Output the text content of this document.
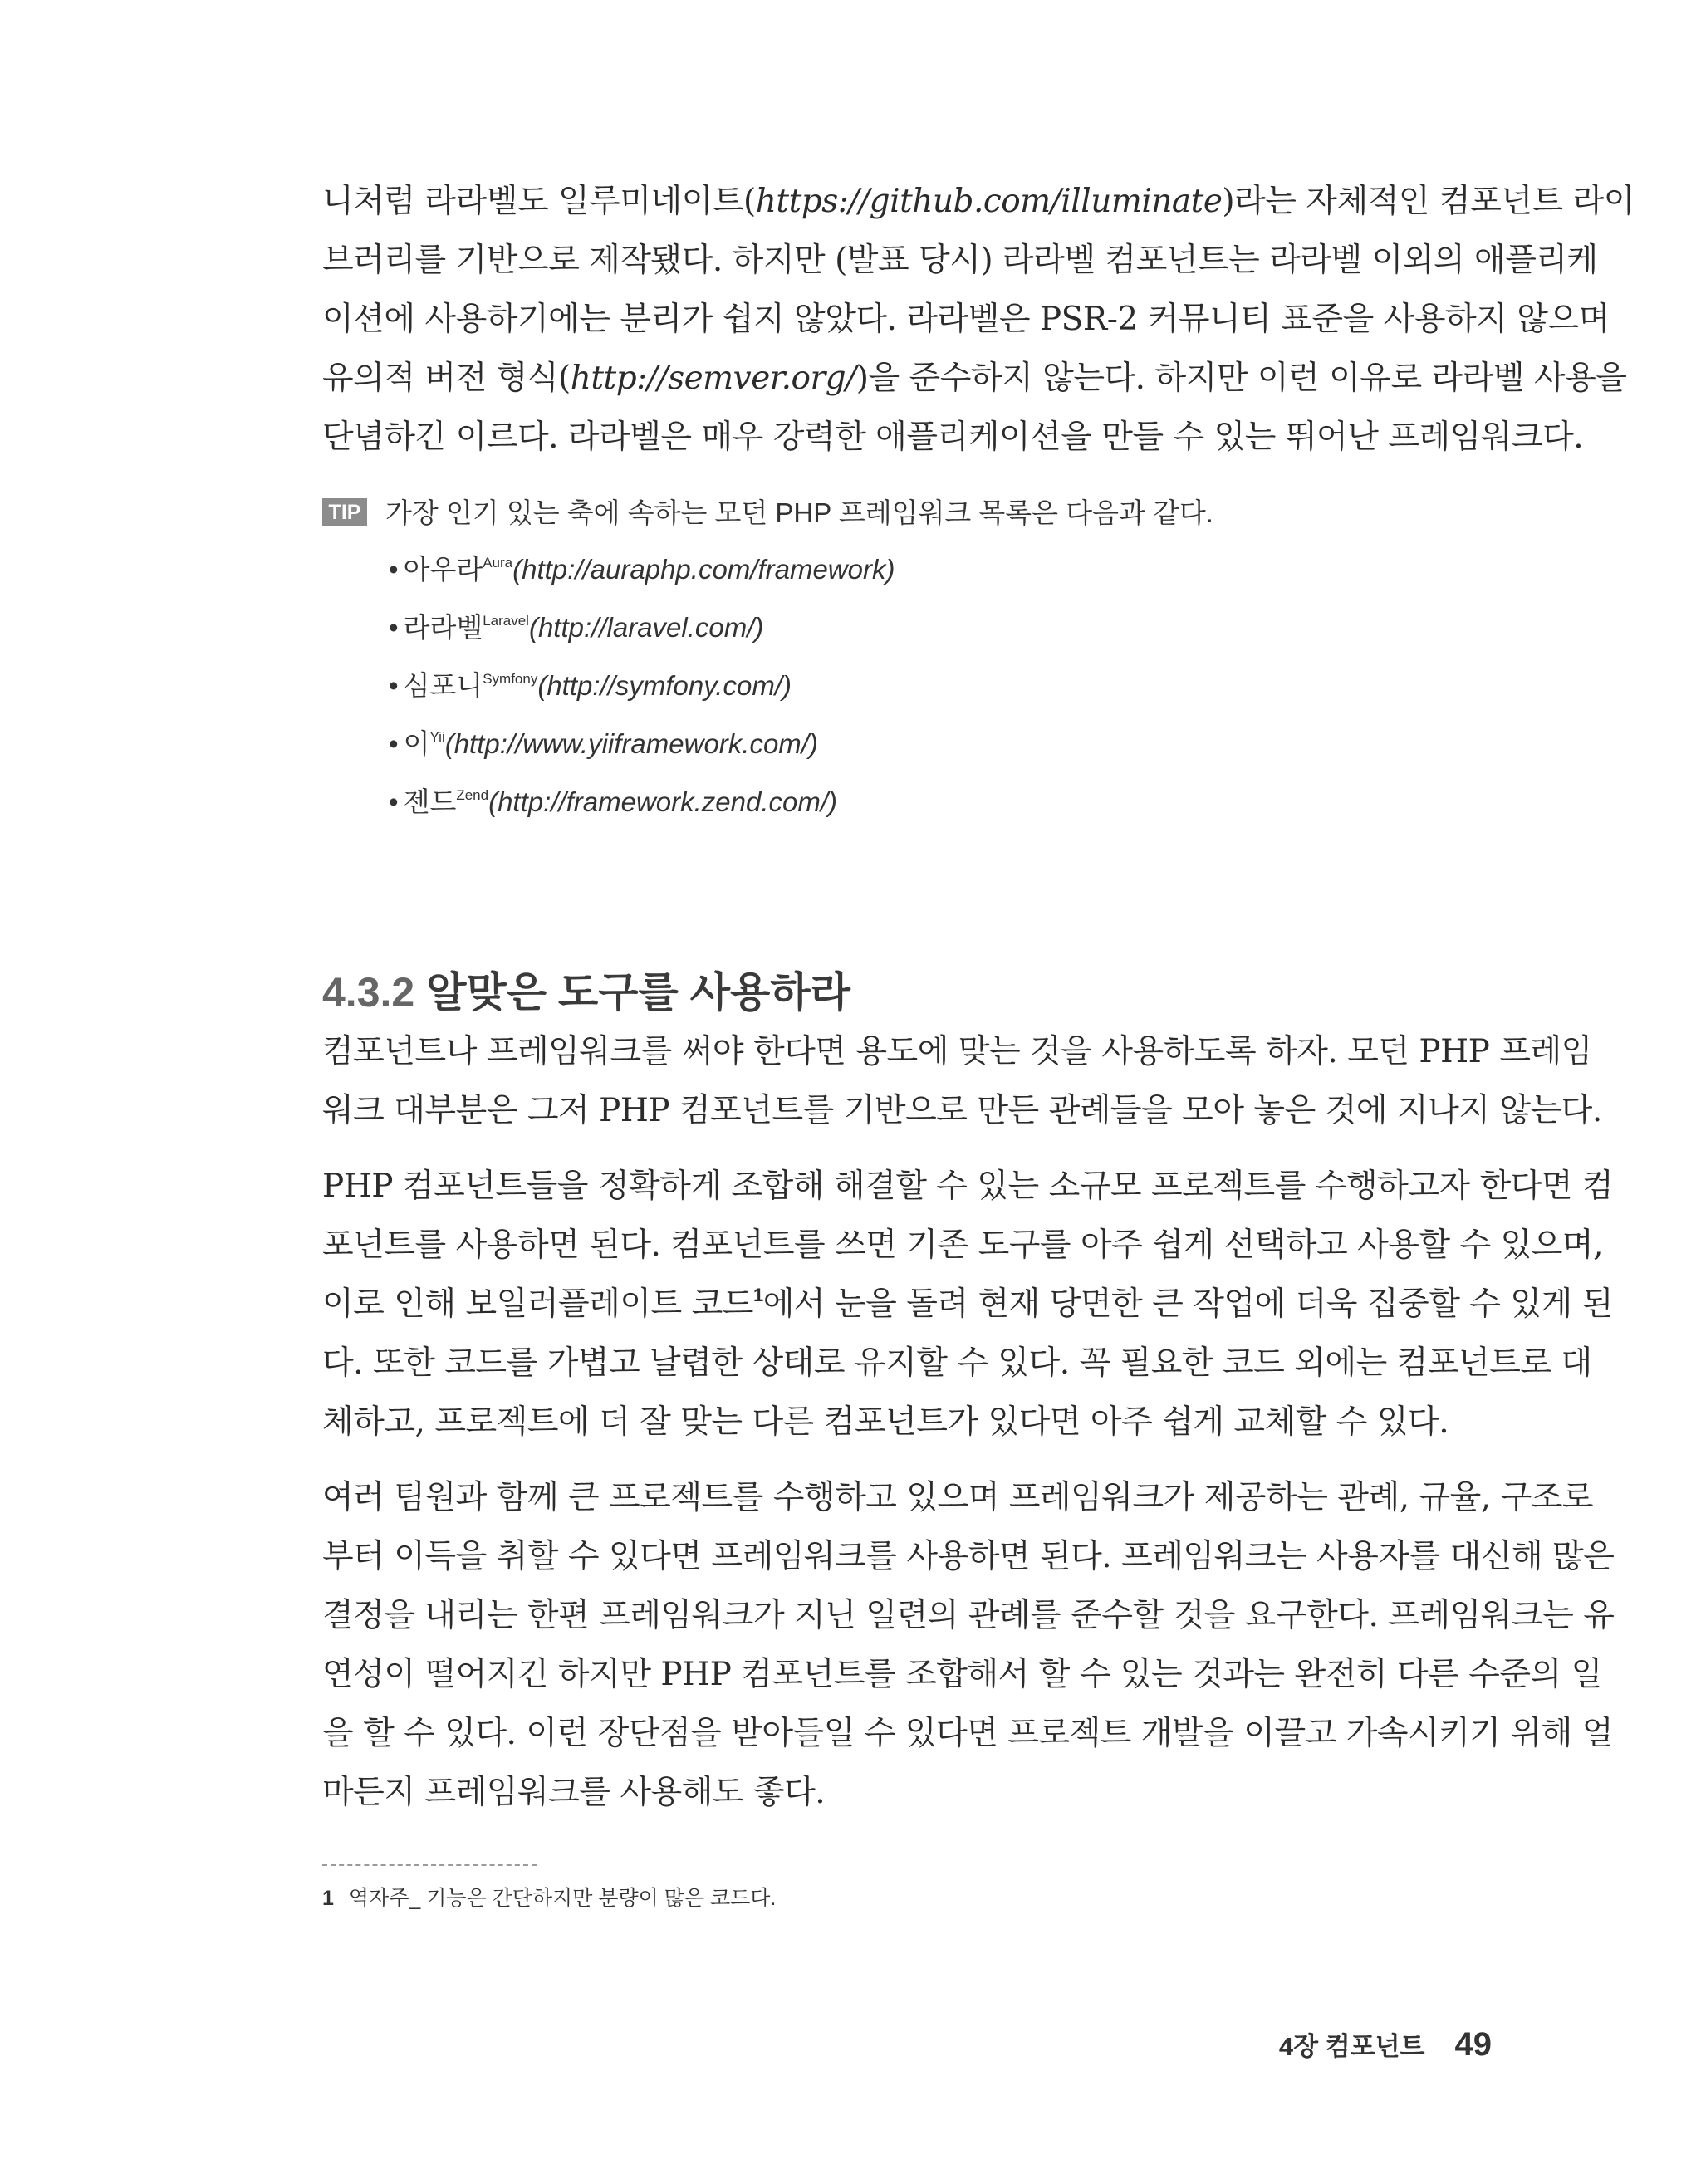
니처럼 라라벨도 일루미네이트(https://github.com/illuminate)라는 자체적인 컴포넌트 라이
브러리를 기반으로 제작됐다. 하지만 (발표 당시) 라라벨 컴포넌트는 라라벨 이외의 애플리케
이션에 사용하기에는 분리가 쉽지 않았다. 라라벨은 PSR-2 커뮤니티 표준을 사용하지 않으며
유의적 버전 형식(http://semver.org/)을 준수하지 않는다. 하지만 이런 이유로 라라벨 사용을
단념하긴 이르다. 라라벨은 매우 강력한 애플리케이션을 만들 수 있는 뛰어난 프레임워크다.
TIP 가장 인기 있는 축에 속하는 모던 PHP 프레임워크 목록은 다음과 같다.
• 아우라$^{Aura}$(http://auraphp.com/framework)
• 라라벨$^{Laravel}$(http://laravel.com/)
• 심포니$^{Symfony}$(http://symfony.com/)
• 이$^{Yii}$(http://www.yiiframework.com/)
• 젠드$^{Zend}$(http://framework.zend.com/)
4.3.2 알맞은 도구를 사용하라
컴포넌트나 프레임워크를 써야 한다면 용도에 맞는 것을 사용하도록 하자. 모던 PHP 프레임
워크 대부분은 그저 PHP 컴포넌트를 기반으로 만든 관례들을 모아 놓은 것에 지나지 않는다.
PHP 컴포넌트들을 정확하게 조합해 해결할 수 있는 소규모 프로젝트를 수행하고자 한다면 컴
포넌트를 사용하면 된다. 컴포넌트를 쓰면 기존 도구를 아주 쉽게 선택하고 사용할 수 있으며,
이로 인해 보일러플레이트 코드$^1$에서 눈을 돌려 현재 당면한 큰 작업에 더욱 집중할 수 있게 된
다. 또한 코드를 가볍고 날렵한 상태로 유지할 수 있다. 꼭 필요한 코드 외에는 컴포넌트로 대
체하고, 프로젝트에 더 잘 맞는 다른 컴포넌트가 있다면 아주 쉽게 교체할 수 있다.
여러 팀원과 함께 큰 프로젝트를 수행하고 있으며 프레임워크가 제공하는 관례, 규율, 구조로
부터 이득을 취할 수 있다면 프레임워크를 사용하면 된다. 프레임워크는 사용자를 대신해 많은
결정을 내리는 한편 프레임워크가 지닌 일련의 관례를 준수할 것을 요구한다. 프레임워크는 유
연성이 떨어지긴 하지만 PHP 컴포넌트를 조합해서 할 수 있는 것과는 완전히 다른 수준의 일
을 할 수 있다. 이런 장단점을 받아들일 수 있다면 프로젝트 개발을 이끌고 가속시키기 위해 얼
마든지 프레임워크를 사용해도 좋다.
1 역자주_ 기능은 간단하지만 분량이 많은 코드다.
4장 컴포넌트 49
